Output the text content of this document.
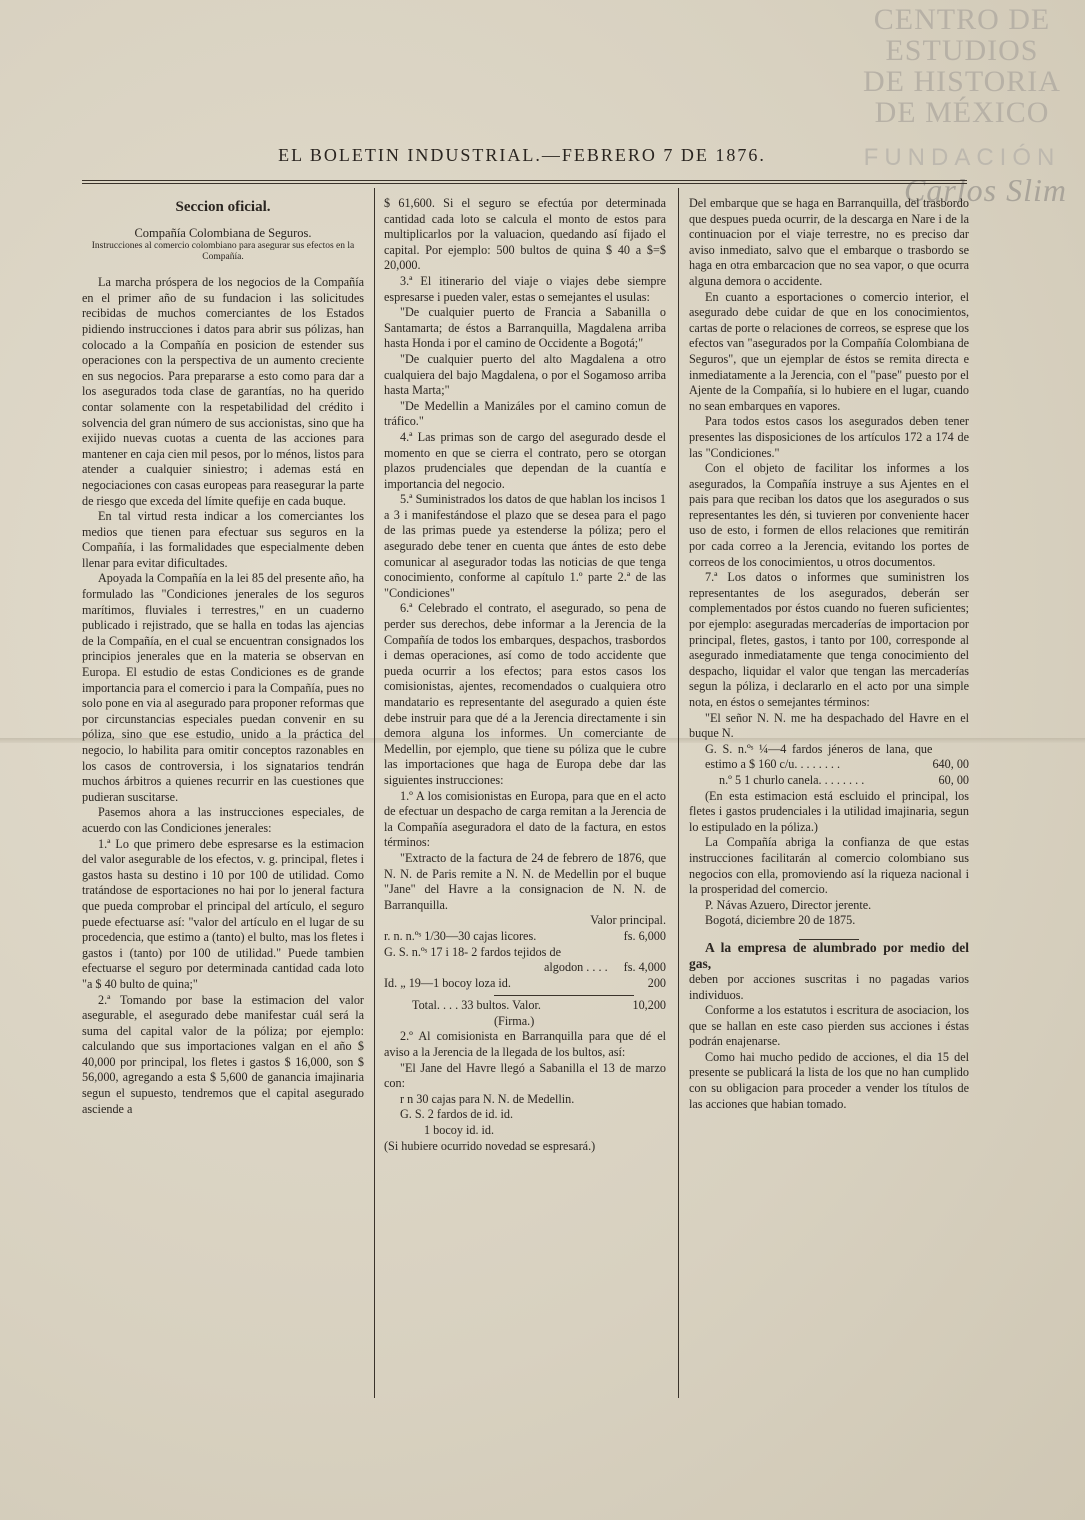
CENTRO DE
ESTUDIOS
DE HISTORIA
DE MÉXICO
FUNDACIÓN
Carlos Slim
EL BOLETIN INDUSTRIAL.—FEBRERO 7 DE 1876.
Seccion oficial.
Compañía Colombiana de Seguros.
Instrucciones al comercio colombiano para asegurar sus efectos en la Compañía.

La marcha próspera de los negocios de la Compañía en el primer año de su fundacion i las solicitudes recibidas de muchos comerciantes de los Estados pidiendo instrucciones i datos para abrir sus pólizas, han colocado a la Compañía en posicion de estender sus operaciones con la perspectiva de un aumento creciente en sus negocios. Para prepararse a esto como para dar a los asegurados toda clase de garantías, no ha querido contar solamente con la respetabilidad del crédito i solvencia del gran número de sus accionistas, sino que ha exijido nuevas cuotas a cuenta de las acciones para mantener en caja cien mil pesos, por lo ménos, listos para atender a cualquier siniestro; i ademas está en negociaciones con casas europeas para reasegurar la parte de riesgo que exceda del límite quefije en cada buque.

En tal virtud resta indicar a los comerciantes los medios que tienen para efectuar sus seguros en la Compañía, i las formalidades que especialmente deben llenar para evitar dificultades.

Apoyada la Compañía en la lei 85 del presente año, ha formulado las "Condiciones jenerales de los seguros marítimos, fluviales i terrestres," en un cuaderno publicado i rejistrado, que se halla en todas las ajencias de la Compañía, en el cual se encuentran consignados los principios jenerales que en la materia se observan en Europa. El estudio de estas Condiciones es de grande importancia para el comercio i para la Compañía, pues no solo pone en via al asegurado para proponer reformas que por circunstancias especiales puedan convenir en su póliza, sino que ese estudio, unido a la práctica del negocio, lo habilita para omitir conceptos razonables en los casos de controversia, i los signatarios tendrán muchos árbitros a quienes recurrir en las cuestiones que pudieran suscitarse.

Pasemos ahora a las instrucciones especiales, de acuerdo con las Condiciones jenerales:

1.ª Lo que primero debe espresarse es la estimacion del valor asegurable de los efectos, v. g. principal, fletes i gastos hasta su destino i 10 por 100 de utilidad. Como tratándose de esportaciones no hai por lo jeneral factura que pueda comprobar el principal del artículo, el seguro puede efectuarse así: "valor del artículo en el lugar de su procedencia, que estimo a (tanto) el bulto, mas los fletes i gastos i (tanto) por 100 de utilidad." Puede tambien efectuarse el seguro por determinada cantidad cada loto "a $ 40 bulto de quina;"

2.ª Tomando por base la estimacion del valor asegurable, el asegurado debe manifestar cuál será la suma del capital valor de la póliza; por ejemplo: calculando que sus importaciones valgan en el año $ 40,000 por principal, los fletes i gastos $ 16,000, son $ 56,000, agregando a esta $ 5,600 de ganancia imajinaria segun el supuesto, tendremos que el capital asegurado asciende a

$ 61,600. Si el seguro se efectúa por determinada cantidad cada loto se calcula el monto de estos para multiplicarlos por la valuacion, quedando así fijado el capital. Por ejemplo: 500 bultos de quina $ 40 a $=$ 20,000.

3.ª El itinerario del viaje o viajes debe siempre espresarse i pueden valer, estas o semejantes el usulas:

"De cualquier puerto de Francia a Sabanilla o Santamarta; de éstos a Barranquilla, Magdalena arriba hasta Honda i por el camino de Occidente a Bogotá;"

"De cualquier puerto del alto Magdalena a otro cualquiera del bajo Magdalena, o por el Sogamoso arriba hasta Marta;"

"De Medellin a Manizáles por el camino comun de tráfico."

4.ª Las primas son de cargo del asegurado desde el momento en que se cierra el contrato, pero se otorgan plazos prudenciales que dependan de la cuantía e importancia del negocio.

5.ª Suministrados los datos de que hablan los incisos 1 a 3 i manifestándose el plazo que se desea para el pago de las primas puede ya estenderse la póliza; pero el asegurado debe tener en cuenta que ántes de esto debe comunicar al asegurador todas las noticias de que tenga conocimiento, conforme al capítulo 1.º parte 2.ª de las "Condiciones"

6.ª Celebrado el contrato, el asegurado, so pena de perder sus derechos, debe informar a la Jerencia de la Compañía de todos los embarques, despachos, trasbordos i demas operaciones, así como de todo accidente que pueda ocurrir a los efectos; para estos casos los comisionistas, ajentes, recomendados o cualquiera otro mandatario es representante del asegurado a quien éste debe instruir para que dé a la Jerencia directamente i sin demora alguna los informes. Un comerciante de Medellin, por ejemplo, que tiene su póliza que le cubre las importaciones que haga de Europa debe dar las siguientes instrucciones:

1.º A los comisionistas en Europa, para que en el acto de efectuar un despacho de carga remitan a la Jerencia de la Compañía aseguradora el dato de la factura, en estos términos:

"Extracto de la factura de 24 de febrero de 1876, que N. N. de Paris remite a N. N. de Medellin por el buque "Jane" del Havre a la consignacion de N. N. de Barranquilla.

Valor principal.
r. n. n.ºˢ 1/30—30 cajas licores.	fs. 6,000
G. S. n.ºˢ 17 i 18- 2 fardos tejidos de
algodon . . . . fs. 4,000
Id. „ 19—1 bocoy loza id.	200
Total. . . . 33 bultos. Valor.	10,200
(Firma.)

2.º Al comisionista en Barranquilla para que dé el aviso a la Jerencia de la llegada de los bultos, así:

"El Jane del Havre llegó a Sabanilla el 13 de marzo con:

r n 30 cajas para N. N. de Medellin.
G. S. 2 fardos de id. id.
1 bocoy id. id.
(Si hubiere ocurrido novedad se espresará.)

Del embarque que se haga en Barranquilla, del trasbordo que despues pueda ocurrir, de la descarga en Nare i de la continuacion por el viaje terrestre, no es preciso dar aviso inmediato, salvo que el embarque o trasbordo se haga en otra embarcacion que no sea vapor, o que ocurra alguna demora o accidente.

En cuanto a esportaciones o comercio interior, el asegurado debe cuidar de que en los conocimientos, cartas de porte o relaciones de correos, se esprese que los efectos van "asegurados por la Compañía Colombiana de Seguros", que un ejemplar de éstos se remita directa e inmediatamente a la Jerencia, con el "pase" puesto por el Ajente de la Compañía, si lo hubiere en el lugar, cuando no sean embarques en vapores.

Para todos estos casos los asegurados deben tener presentes las disposiciones de los artículos 172 a 174 de las "Condiciones."

Con el objeto de facilitar los informes a los asegurados, la Compañía instruye a sus Ajentes en el pais para que reciban los datos que los asegurados o sus representantes les dén, si tuvieren por conveniente hacer uso de esto, i formen de ellos relaciones que remitirán por cada correo a la Jerencia, evitando los portes de correos de los conocimientos, u otros documentos.

7.ª Los datos o informes que suministren los representantes de los asegurados, deberán ser complementados por éstos cuando no fueren suficientes; por ejemplo: aseguradas mercaderías de importacion por principal, fletes, gastos, i tanto por 100, corresponde al asegurado inmediatamente que tenga conocimiento del despacho, liquidar el valor que tengan las mercaderías segun la póliza, i declararlo en el acto por una simple nota, en éstos o semejantes términos:

"El señor N. N. me ha despachado del Havre en el buque N.

G. S. n.ºˢ ¼—4 fardos jéneros de lana, que estimo a $ 160 c/u. . . . . . . .	640, 00
n.º 5 1 churlo canela. . . . . . . .	60, 00

(En esta estimacion está escluido el principal, los fletes i gastos prudenciales i la utilidad imajinaria, segun lo estipulado en la póliza.)

La Compañía abriga la confianza de que estas instrucciones facilitarán al comercio colombiano sus negocios con ella, promoviendo así la riqueza nacional i la prosperidad del comercio.

P. Návas Azuero, Director jerente.

Bogotá, diciembre 20 de 1875.

A la empresa de alumbrado por medio del gas,

deben por acciones suscritas i no pagadas varios individuos.

Conforme a los estatutos i escritura de asociacion, los que se hallan en este caso pierden sus acciones i éstas podrán enajenarse.

Como hai mucho pedido de acciones, el dia 15 del presente se publicará la lista de los que no han cumplido con su obligacion para proceder a vender los títulos de las acciones que habian tomado.
